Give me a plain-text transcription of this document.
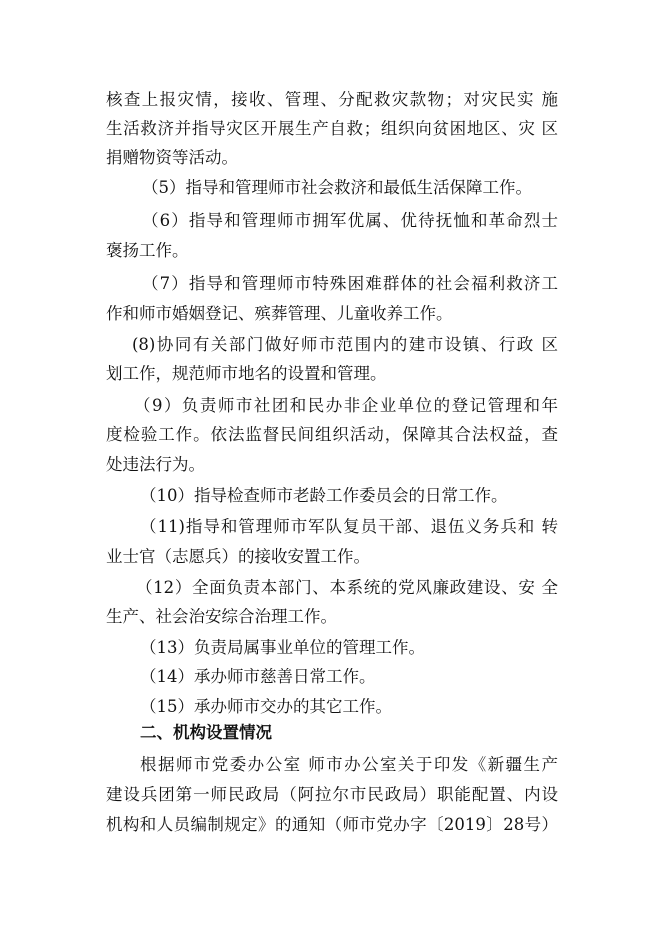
核查上报灾情，接收、管理、分配救灾款物；对灾民实 施
生活救济并指导灾区开展生产自救；组织向贫困地区、灾 区
捐赠物资等活动。
（5）指导和管理师市社会救济和最低生活保障工作。
（6）指导和管理师市拥军优属、优待抚恤和革命烈士
褒扬工作。
（7）指导和管理师市特殊困难群体的社会福利救济工
作和师市婚姻登记、殡葬管理、儿童收养工作。
(8)协同有关部门做好师市范围内的建市设镇、行政 区
划工作，规范师市地名的设置和管理。
（9）负责师市社团和民办非企业单位的登记管理和年
度检验工作。依法监督民间组织活动，保障其合法权益，查
处违法行为。
（10）指导检查师市老龄工作委员会的日常工作。
（11)指导和管理师市军队复员干部、退伍义务兵和 转
业士官（志愿兵）的接收安置工作。
（12）全面负责本部门、本系统的党风廉政建设、安 全
生产、社会治安综合治理工作。
（13）负责局属事业单位的管理工作。
（14）承办师市慈善日常工作。
（15）承办师市交办的其它工作。
二、机构设置情况
根据师市党委办公室 师市办公室关于印发《新疆生产
建设兵团第一师民政局（阿拉尔市民政局）职能配置、内设
机构和人员编制规定》的通知（师市党办字〔2019〕28号）
